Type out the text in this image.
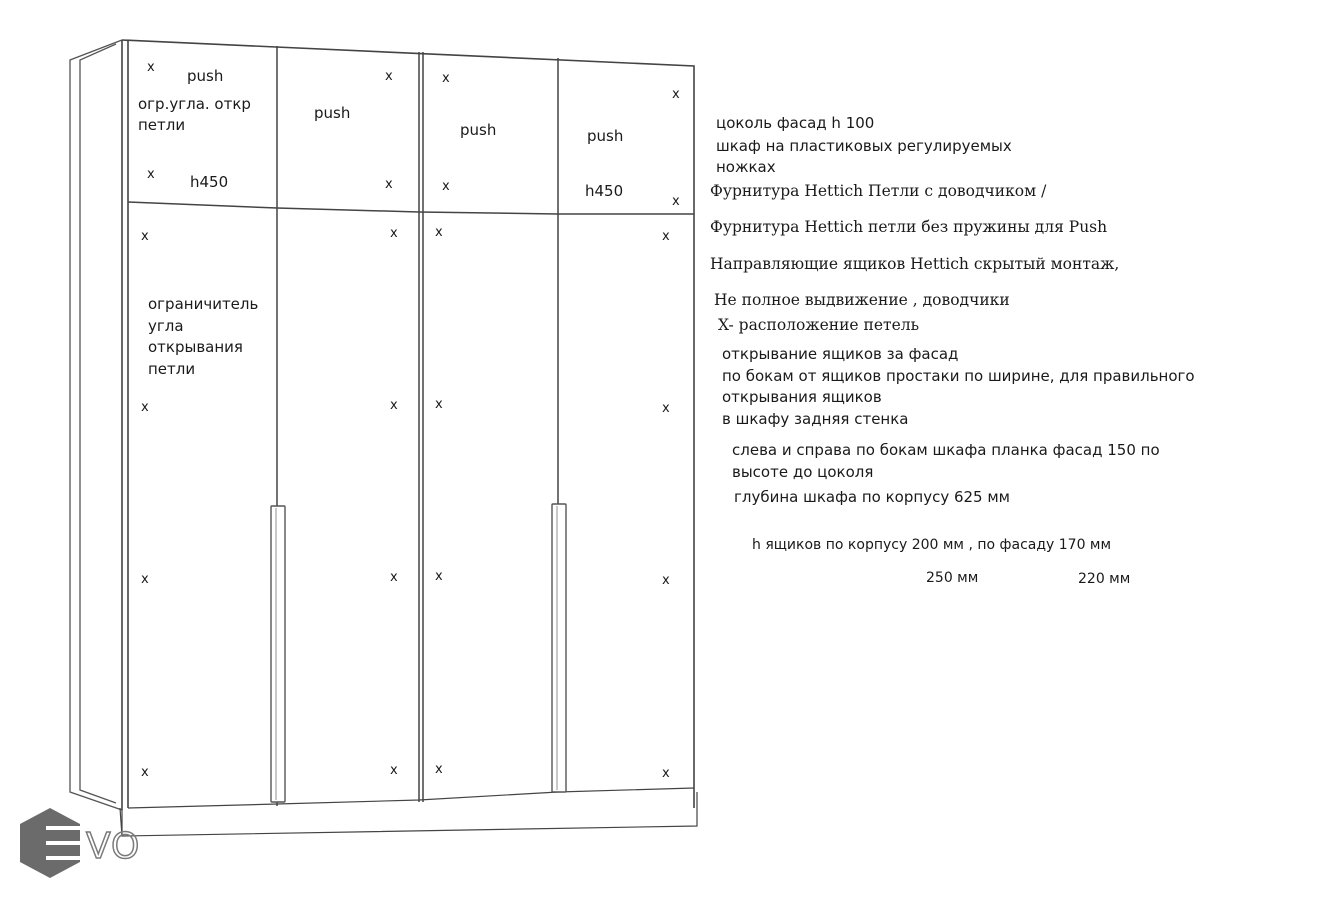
push
push
push	push
огр.угла. откр петли
h450	h450
ограничитель угла открывания петли
x
x
x
x
x
x
x
x
x
x
x
x
x
x
x
x
x
x
x
x
x
x
x
x
VO
цоколь фасад h 100
шкаф на пластиковых регулируемых
ножках
Фурнитура Hettich Петли с доводчиком /
Фурнитура Hettich петли без пружины для Push
Направляющие ящиков Hettich скрытый монтаж,
Не полное выдвижение , доводчики
X- расположение петель
открывание ящиков за фасад
по бокам от ящиков простаки по ширине, для правильного
открывания ящиков
в шкафу задняя стенка
слева и справа по бокам шкафа планка фасад 150 по
высоте до цоколя
глубина шкафа по корпусу 625 мм
h ящиков по корпусу 200 мм , по фасаду 170 мм
250 мм	220 мм
